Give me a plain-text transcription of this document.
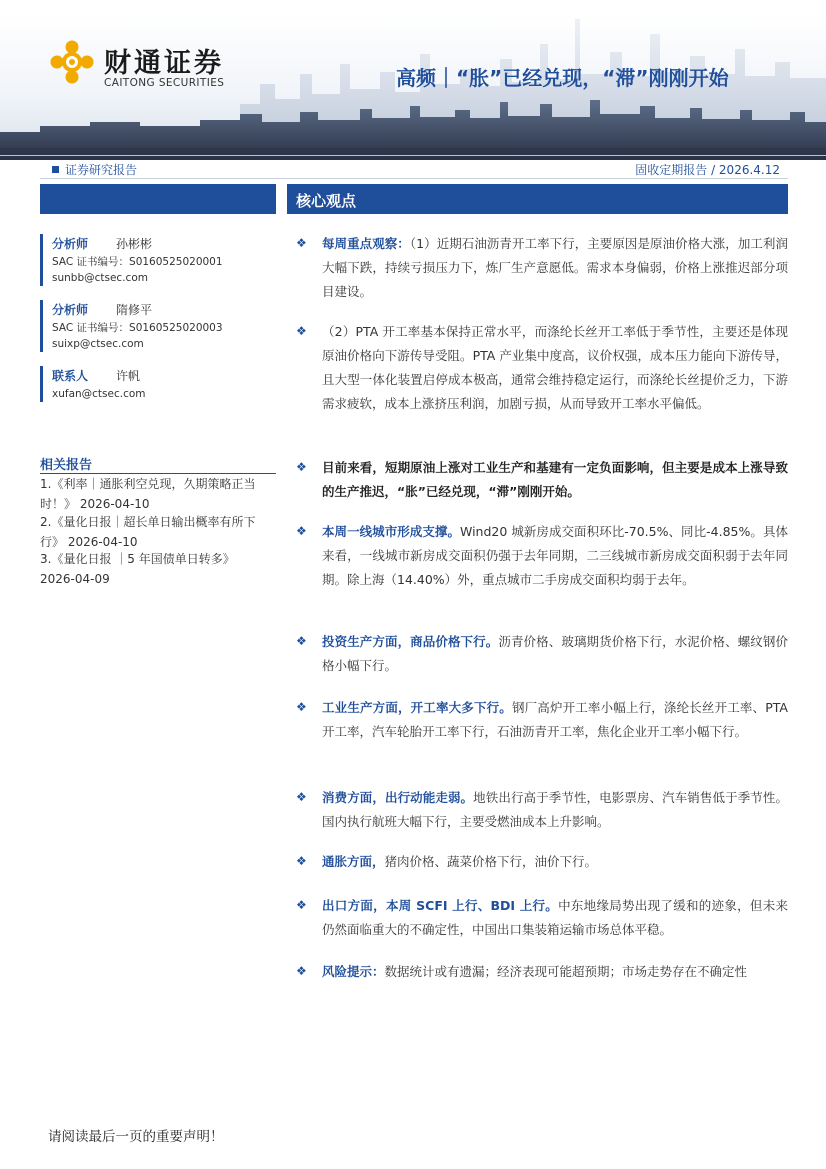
财通证券
CAITONG SECURITIES	高频｜“胀”已经兑现，“滞”刚刚开始
证券研究报告	固收定期报告 / 2026.4.12
分析师 孙彬彬
SAC 证书编号：S0160525020001
sunbb@ctsec.com
分析师 隋修平
SAC 证书编号：S0160525020003
suixp@ctsec.com
联系人 许帆
xufan@ctsec.com
相关报告
1.《利率｜通胀利空兑现，久期策略正当
时！》 2026-04-10
2.《量化日报｜超长单日输出概率有所下
行》 2026-04-10
3.《量化日报 ｜5 年国债单日转多》
2026-04-09
核心观点
❖	每周重点观察：（1）近期石油沥青开工率下行，主要原因是原油价格大涨，加工利润大幅下跌，持续亏损压力下，炼厂生产意愿低。需求本身偏弱，价格上涨推迟部分项目建设。
❖	（2）PTA 开工率基本保持正常水平，而涤纶长丝开工率低于季节性，主要还是体现原油价格向下游传导受阻。PTA 产业集中度高，议价权强，成本压力能向下游传导，且大型一体化装置启停成本极高，通常会维持稳定运行，而涤纶长丝提价乏力，下游需求疲软，成本上涨挤压利润，加剧亏损，从而导致开工率水平偏低。
❖	目前来看，短期原油上涨对工业生产和基建有一定负面影响，但主要是成本上涨导致的生产推迟，“胀”已经兑现，“滞”刚刚开始。
❖	本周一线城市形成支撑。Wind20 城新房成交面积环比-70.5%、同比-4.85%。具体来看，一线城市新房成交面积仍强于去年同期，二三线城市新房成交面积弱于去年同期。除上海（14.40%）外，重点城市二手房成交面积均弱于去年。
❖	投资生产方面，商品价格下行。沥青价格、玻璃期货价格下行，水泥价格、螺纹钢价格小幅下行。
❖	工业生产方面，开工率大多下行。钢厂高炉开工率小幅上行，涤纶长丝开工率、PTA 开工率，汽车轮胎开工率下行，石油沥青开工率，焦化企业开工率小幅下行。
❖	消费方面，出行动能走弱。地铁出行高于季节性，电影票房、汽车销售低于季节性。国内执行航班大幅下行，主要受燃油成本上升影响。
❖	通胀方面，猪肉价格、蔬菜价格下行，油价下行。
❖	出口方面，本周 SCFI 上行、BDI 上行。中东地缘局势出现了缓和的迹象，但未来仍然面临重大的不确定性，中国出口集装箱运输市场总体平稳。
❖	风险提示：数据统计或有遗漏；经济表现可能超预期；市场走势存在不确定性
请阅读最后一页的重要声明！
